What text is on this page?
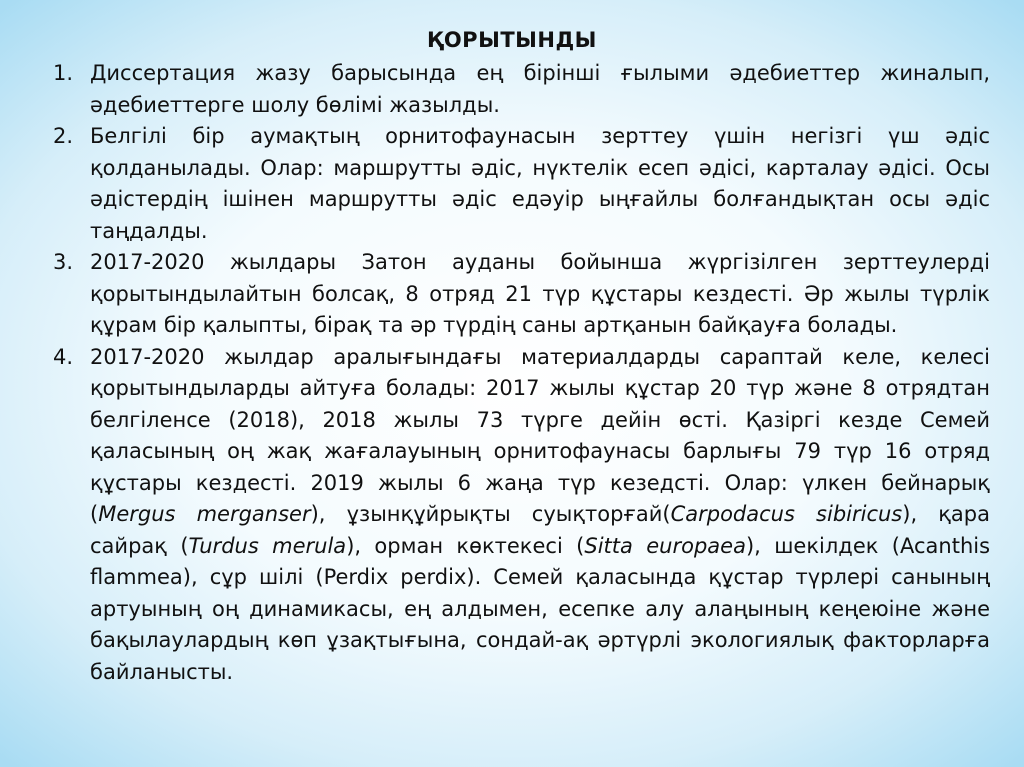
ҚОРЫТЫНДЫ
1. Диссертация жазу барысында ең бірінші ғылыми әдебиеттер жиналып, әдебиеттерге шолу бөлімі жазылды.
2. Белгілі бір аумақтың орнитофаунасын зерттеу үшін негізгі үш әдіс қолданылады. Олар: маршрутты әдіс, нүктелік есеп әдісі, карталау әдісі. Осы әдістердің ішінен маршрутты әдіс едәуір ыңғайлы болғандықтан осы әдіс таңдалды.
3. 2017-2020 жылдары Затон ауданы бойынша жүргізілген зерттеулерді қорытындылайтын болсақ, 8 отряд 21 түр құстары кездесті. Әр жылы түрлік құрам бір қалыпты, бірақ та әр түрдің саны артқанын байқауға болады.
4. 2017-2020 жылдар аралығындағы материалдарды сараптай келе, келесі қорытындыларды айтуға болады: 2017 жылы құстар 20 түр және 8 отрядтан белгіленсе (2018), 2018 жылы 73 түрге дейін өсті. Қазіргі кезде Семей қаласының оң жақ жағалауының орнитофаунасы барлығы 79 түр 16 отряд құстары кездесті. 2019 жылы 6 жаңа түр кезедсті. Олар: үлкен бейнарық (Mergus merganser), ұзынқұйрықты суықторғай(Carpodacus sibiricus), қара сайрақ (Turdus merula), орман көктекесі (Sitta europaea), шекілдек (Acanthis flammea), сұр шілі (Perdix perdix). Семей қаласында құстар түрлері санының артуының оң динамикасы, ең алдымен, есепке алу алаңының кеңеюіне және бақылаулардың көп ұзақтығына, сондай-ақ әртүрлі экологиялық факторларға байланысты.
